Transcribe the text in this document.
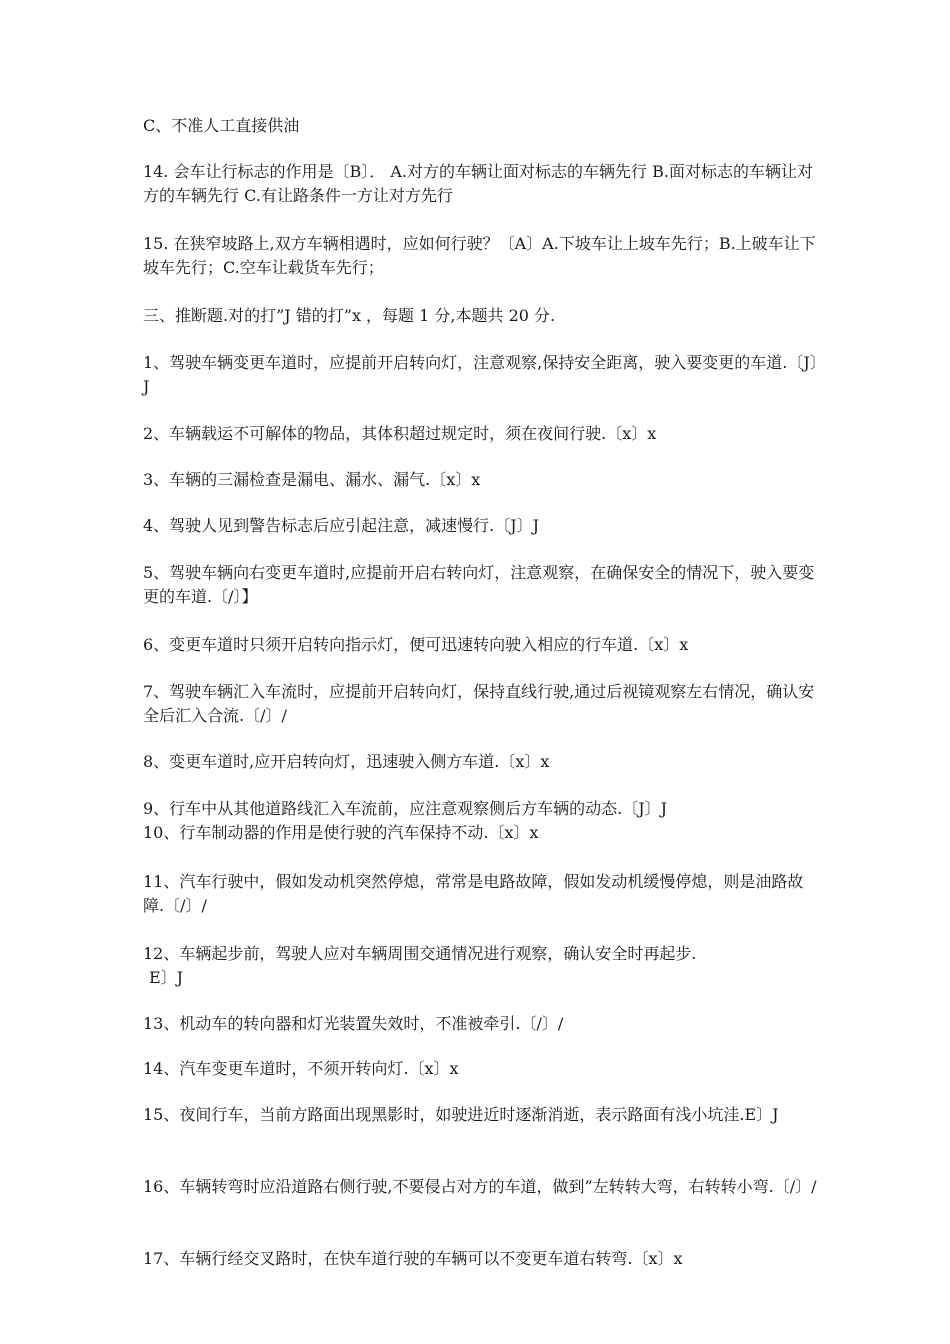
C、不准人工直接供油

14. 会车让行标志的作用是〔B〕． A.对方的车辆让面对标志的车辆先行 B.面对标志的车辆让对方的车辆先行 C.有让路条件一方让对方先行

15. 在狭窄坡路上,双方车辆相遇时，应如何行驶？〔A〕A.下坡车让上坡车先行；B.上破车让下坡车先行；C.空车让载货车先行；

三、推断题.对的打”J 错的打”x ，每题 1 分,本题共 20 分.

1、驾驶车辆变更车道时，应提前开启转向灯，注意观察,保持安全距离，驶入要变更的车道.〔J〕J

2、车辆载运不可解体的物品，其体积超过规定时，须在夜间行驶.〔x〕x

3、车辆的三漏检查是漏电、漏水、漏气.〔x〕x

4、驾驶人见到警告标志后应引起注意，减速慢行.〔J〕J

5、驾驶车辆向右变更车道时,应提前开启右转向灯，注意观察，在确保安全的情况下，驶入要变更的车道.〔/〕】

6、变更车道时只须开启转向指示灯，便可迅速转向驶入相应的行车道.〔x〕x

7、驾驶车辆汇入车流时，应提前开启转向灯，保持直线行驶,通过后视镜观察左右情况，确认安全后汇入合流.〔/〕/

8、变更车道时,应开启转向灯，迅速驶入侧方车道.〔x〕x

9、行车中从其他道路线汇入车流前，应注意观察侧后方车辆的动态.〔J〕J

10、行车制动器的作用是使行驶的汽车保持不动.〔x〕x

11、汽车行驶中，假如发动机突然停熄，常常是电路故障，假如发动机缓慢停熄，则是油路故障.〔/〕/

12、车辆起步前，驾驶人应对车辆周围交通情况进行观察，确认安全时再起步.

E〕J

13、机动车的转向器和灯光装置失效时，不准被牵引.〔/〕/

14、汽车变更车道时，不须开转向灯.〔x〕x

15、夜间行车，当前方路面出现黑影时，如驶进近时逐渐消逝，表示路面有浅小坑洼.E〕J

16、车辆转弯时应沿道路右侧行驶,不要侵占对方的车道，做到”左转转大弯，右转转小弯.〔/〕/

17、车辆行经交叉路时，在快车道行驶的车辆可以不变更车道右转弯.〔x〕x
